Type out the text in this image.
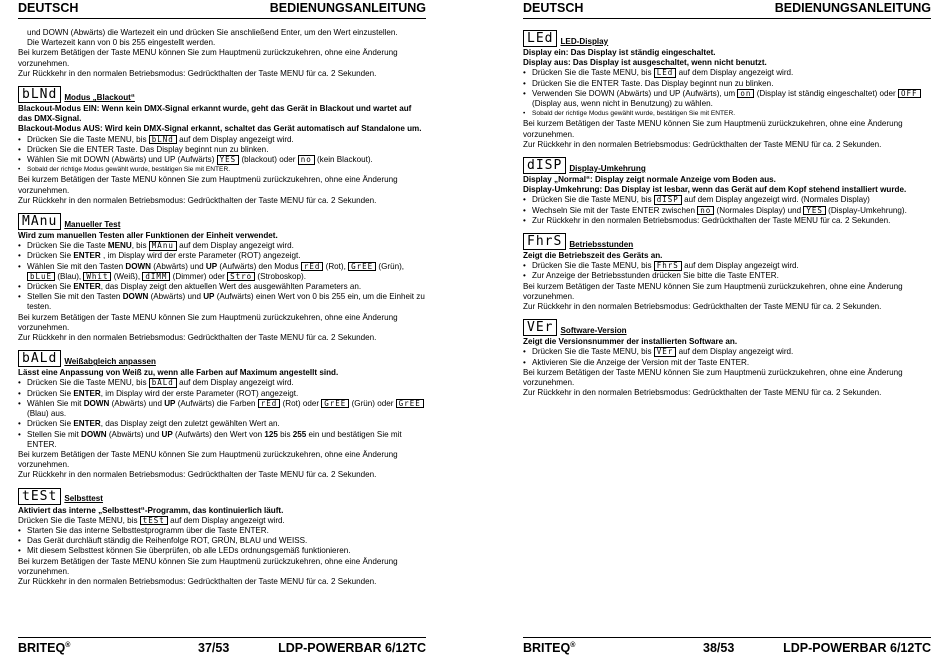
DEUTSCH	BEDIENUNGSANLEITUNG

und DOWN (Abwärts) die Wartezeit ein und drücken Sie anschließend Enter, um den Wert einzustellen.

Die Wartezeit kann von 0 bis 255 eingestellt werden.

Bei kurzem Betätigen der Taste MENU können Sie zum Hauptmenü zurückzukehren, ohne eine Änderung vorzunehmen.

Zur Rückkehr in den normalen Betriebsmodus: Gedrückthalten der Taste MENU für ca. 2 Sekunden.

bLNd Modus „Blackout“

Blackout-Modus EIN: Wenn kein DMX-Signal erkannt wurde, geht das Gerät in Blackout und wartet auf das DMX-Signal.

Blackout-Modus AUS: Wird kein DMX-Signal erkannt, schaltet das Gerät automatisch auf Standalone um.

• Drücken Sie die Taste MENU, bis bLNd auf dem Display angezeigt wird.
• Drücken Sie die ENTER Taste. Das Display beginnt nun zu blinken.
• Wählen Sie mit DOWN (Abwärts) und UP (Aufwärts) YES (blackout) oder no (kein Blackout).
• Sobald der richtige Modus gewählt wurde, bestätigen Sie mit ENTER.

Bei kurzem Betätigen der Taste MENU können Sie zum Hauptmenü zurückzukehren, ohne eine Änderung vorzunehmen.

Zur Rückkehr in den normalen Betriebsmodus: Gedrückthalten der Taste MENU für ca. 2 Sekunden.

MAnu Manueller Test

Wird zum manuellen Testen aller Funktionen der Einheit verwendet.

• Drücken Sie die Taste MENU, bis MAnu auf dem Display angezeigt wird.
• Drücken Sie ENTER , im Display wird der erste Parameter (ROT) angezeigt.
• Wählen Sie mit den Tasten DOWN (Abwärts) und UP (Aufwärts) den Modus rEd (Rot), GrEE (Grün), bLuE (Blau), Whit (Weiß), dIMM (Dimmer) oder Stro (Stroboskop).
• Drücken Sie ENTER, das Display zeigt den aktuellen Wert des ausgewählten Parameters an.
• Stellen Sie mit den Tasten DOWN (Abwärts) und UP (Aufwärts) einen Wert von 0 bis 255 ein, um die Einheit zu testen.

Bei kurzem Betätigen der Taste MENU können Sie zum Hauptmenü zurückzukehren, ohne eine Änderung vorzunehmen.

Zur Rückkehr in den normalen Betriebsmodus: Gedrückthalten der Taste MENU für ca. 2 Sekunden.

bALd Weißabgleich anpassen

Lässt eine Anpassung von Weiß zu, wenn alle Farben auf Maximum angestellt sind.

• Drücken Sie die Taste MENU, bis bALd auf dem Display angezeigt wird.
• Drücken Sie ENTER, im Display wird der erste Parameter (ROT) angezeigt.
• Wählen Sie mit DOWN (Abwärts) und UP (Aufwärts) die Farben rEd (Rot) oder GrEE (Grün) oder GrEE (Blau) aus.
• Drücken Sie ENTER, das Display zeigt den zuletzt gewählten Wert an.
• Stellen Sie mit DOWN (Abwärts) und UP (Aufwärts) den Wert von 125 bis 255 ein und bestätigen Sie mit ENTER.

Bei kurzem Betätigen der Taste MENU können Sie zum Hauptmenü zurückzukehren, ohne eine Änderung vorzunehmen.

Zur Rückkehr in den normalen Betriebsmodus: Gedrückthalten der Taste MENU für ca. 2 Sekunden.

tESt Selbsttest

Aktiviert das interne „Selbsttest“-Programm, das kontinuierlich läuft.

Drücken Sie die Taste MENU, bis tESt auf dem Display angezeigt wird.

• Starten Sie das interne Selbsttestprogramm über die Taste ENTER.
• Das Gerät durchläuft ständig die Reihenfolge ROT, GRÜN, BLAU und WEISS.
• Mit diesem Selbsttest können Sie überprüfen, ob alle LEDs ordnungsgemäß funktionieren.

Bei kurzem Betätigen der Taste MENU können Sie zum Hauptmenü zurückzukehren, ohne eine Änderung vorzunehmen.

Zur Rückkehr in den normalen Betriebsmodus: Gedrückthalten der Taste MENU für ca. 2 Sekunden.

BRITEQ®	37/53	LDP-POWERBAR 6/12TC
DEUTSCH	BEDIENUNGSANLEITUNG
LEd LED-Display

Display ein: Das Display ist ständig eingeschaltet.

Display aus: Das Display ist ausgeschaltet, wenn nicht benutzt.

• Drücken Sie die Taste MENU, bis LEd auf dem Display angezeigt wird.
• Drücken Sie die ENTER Taste. Das Display beginnt nun zu blinken.
• Verwenden Sie DOWN (Abwärts) und UP (Aufwärts), um on (Display ist ständig eingeschaltet) oder OFF (Display aus, wenn nicht in Benutzung) zu wählen.
• Sobald der richtige Modus gewählt wurde, bestätigen Sie mit ENTER.

Bei kurzem Betätigen der Taste MENU können Sie zum Hauptmenü zurückzukehren, ohne eine Änderung vorzunehmen.

Zur Rückkehr in den normalen Betriebsmodus: Gedrückthalten der Taste MENU für ca. 2 Sekunden.

dISP Display-Umkehrung

Display „Normal“: Display zeigt normale Anzeige vom Boden aus.

Display-Umkehrung: Das Display ist lesbar, wenn das Gerät auf dem Kopf stehend installiert wurde.

• Drücken Sie die Taste MENU, bis dISP auf dem Display angezeigt wird. (Normales Display)
• Wechseln Sie mit der Taste ENTER zwischen no (Normales Display) und YES (Display-Umkehrung).
• Zur Rückkehr in den normalen Betriebsmodus: Gedrückthalten der Taste MENU für ca. 2 Sekunden.
FhrS Betriebsstunden

Zeigt die Betriebszeit des Geräts an.

• Drücken Sie die Taste MENU, bis FhrS auf dem Display angezeigt wird.
• Zur Anzeige der Betriebsstunden drücken Sie bitte die Taste ENTER.

Bei kurzem Betätigen der Taste MENU können Sie zum Hauptmenü zurückzukehren, ohne eine Änderung vorzunehmen.

Zur Rückkehr in den normalen Betriebsmodus: Gedrückthalten der Taste MENU für ca. 2 Sekunden.

VEr Software-Version

Zeigt die Versionsnummer der installierten Software an.

• Drücken Sie die Taste MENU, bis VEr auf dem Display angezeigt wird.
• Aktivieren Sie die Anzeige der Version mit der Taste ENTER.

Bei kurzem Betätigen der Taste MENU können Sie zum Hauptmenü zurückzukehren, ohne eine Änderung vorzunehmen.

Zur Rückkehr in den normalen Betriebsmodus: Gedrückthalten der Taste MENU für ca. 2 Sekunden.

BRITEQ®	38/53	LDP-POWERBAR 6/12TC
